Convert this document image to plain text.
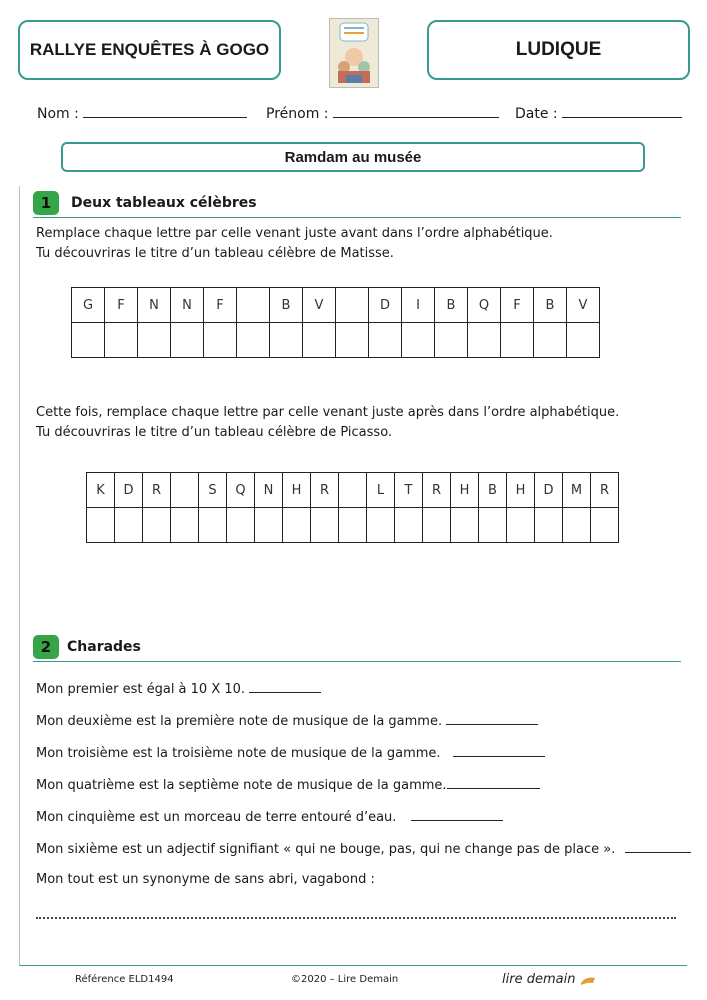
RALLYE ENQUÊTES À GOGO	LUDIQUE
Nom :	Prénom :	Date :
Ramdam au musée
1	Deux tableaux célèbres
Remplace chaque lettre par celle venant juste avant dans l’ordre alphabétique.
Tu découvriras le titre d’un tableau célèbre de Matisse.
G	F	N	N	F		B	V		D	I	B	Q	F	B	V

Cette fois, remplace chaque lettre par celle venant juste après dans l’ordre alphabétique.
Tu découvriras le titre d’un tableau célèbre de Picasso.
K	D	R		S	Q	N	H	R		L	T	R	H	B	H	D	M	R

2	Charades
Mon premier est égal à 10 X 10.
Mon deuxième est la première note de musique de la gamme.
Mon troisième est la troisième note de musique de la gamme.
Mon quatrième est la septième note de musique de la gamme.
Mon cinquième est un morceau de terre entouré d’eau.
Mon sixième est un adjectif signifiant « qui ne bouge, pas, qui ne change pas de place ».
Mon tout est un synonyme de sans abri, vagabond :
Référence ELD1494	©2020 – Lire Demain	lire demain
